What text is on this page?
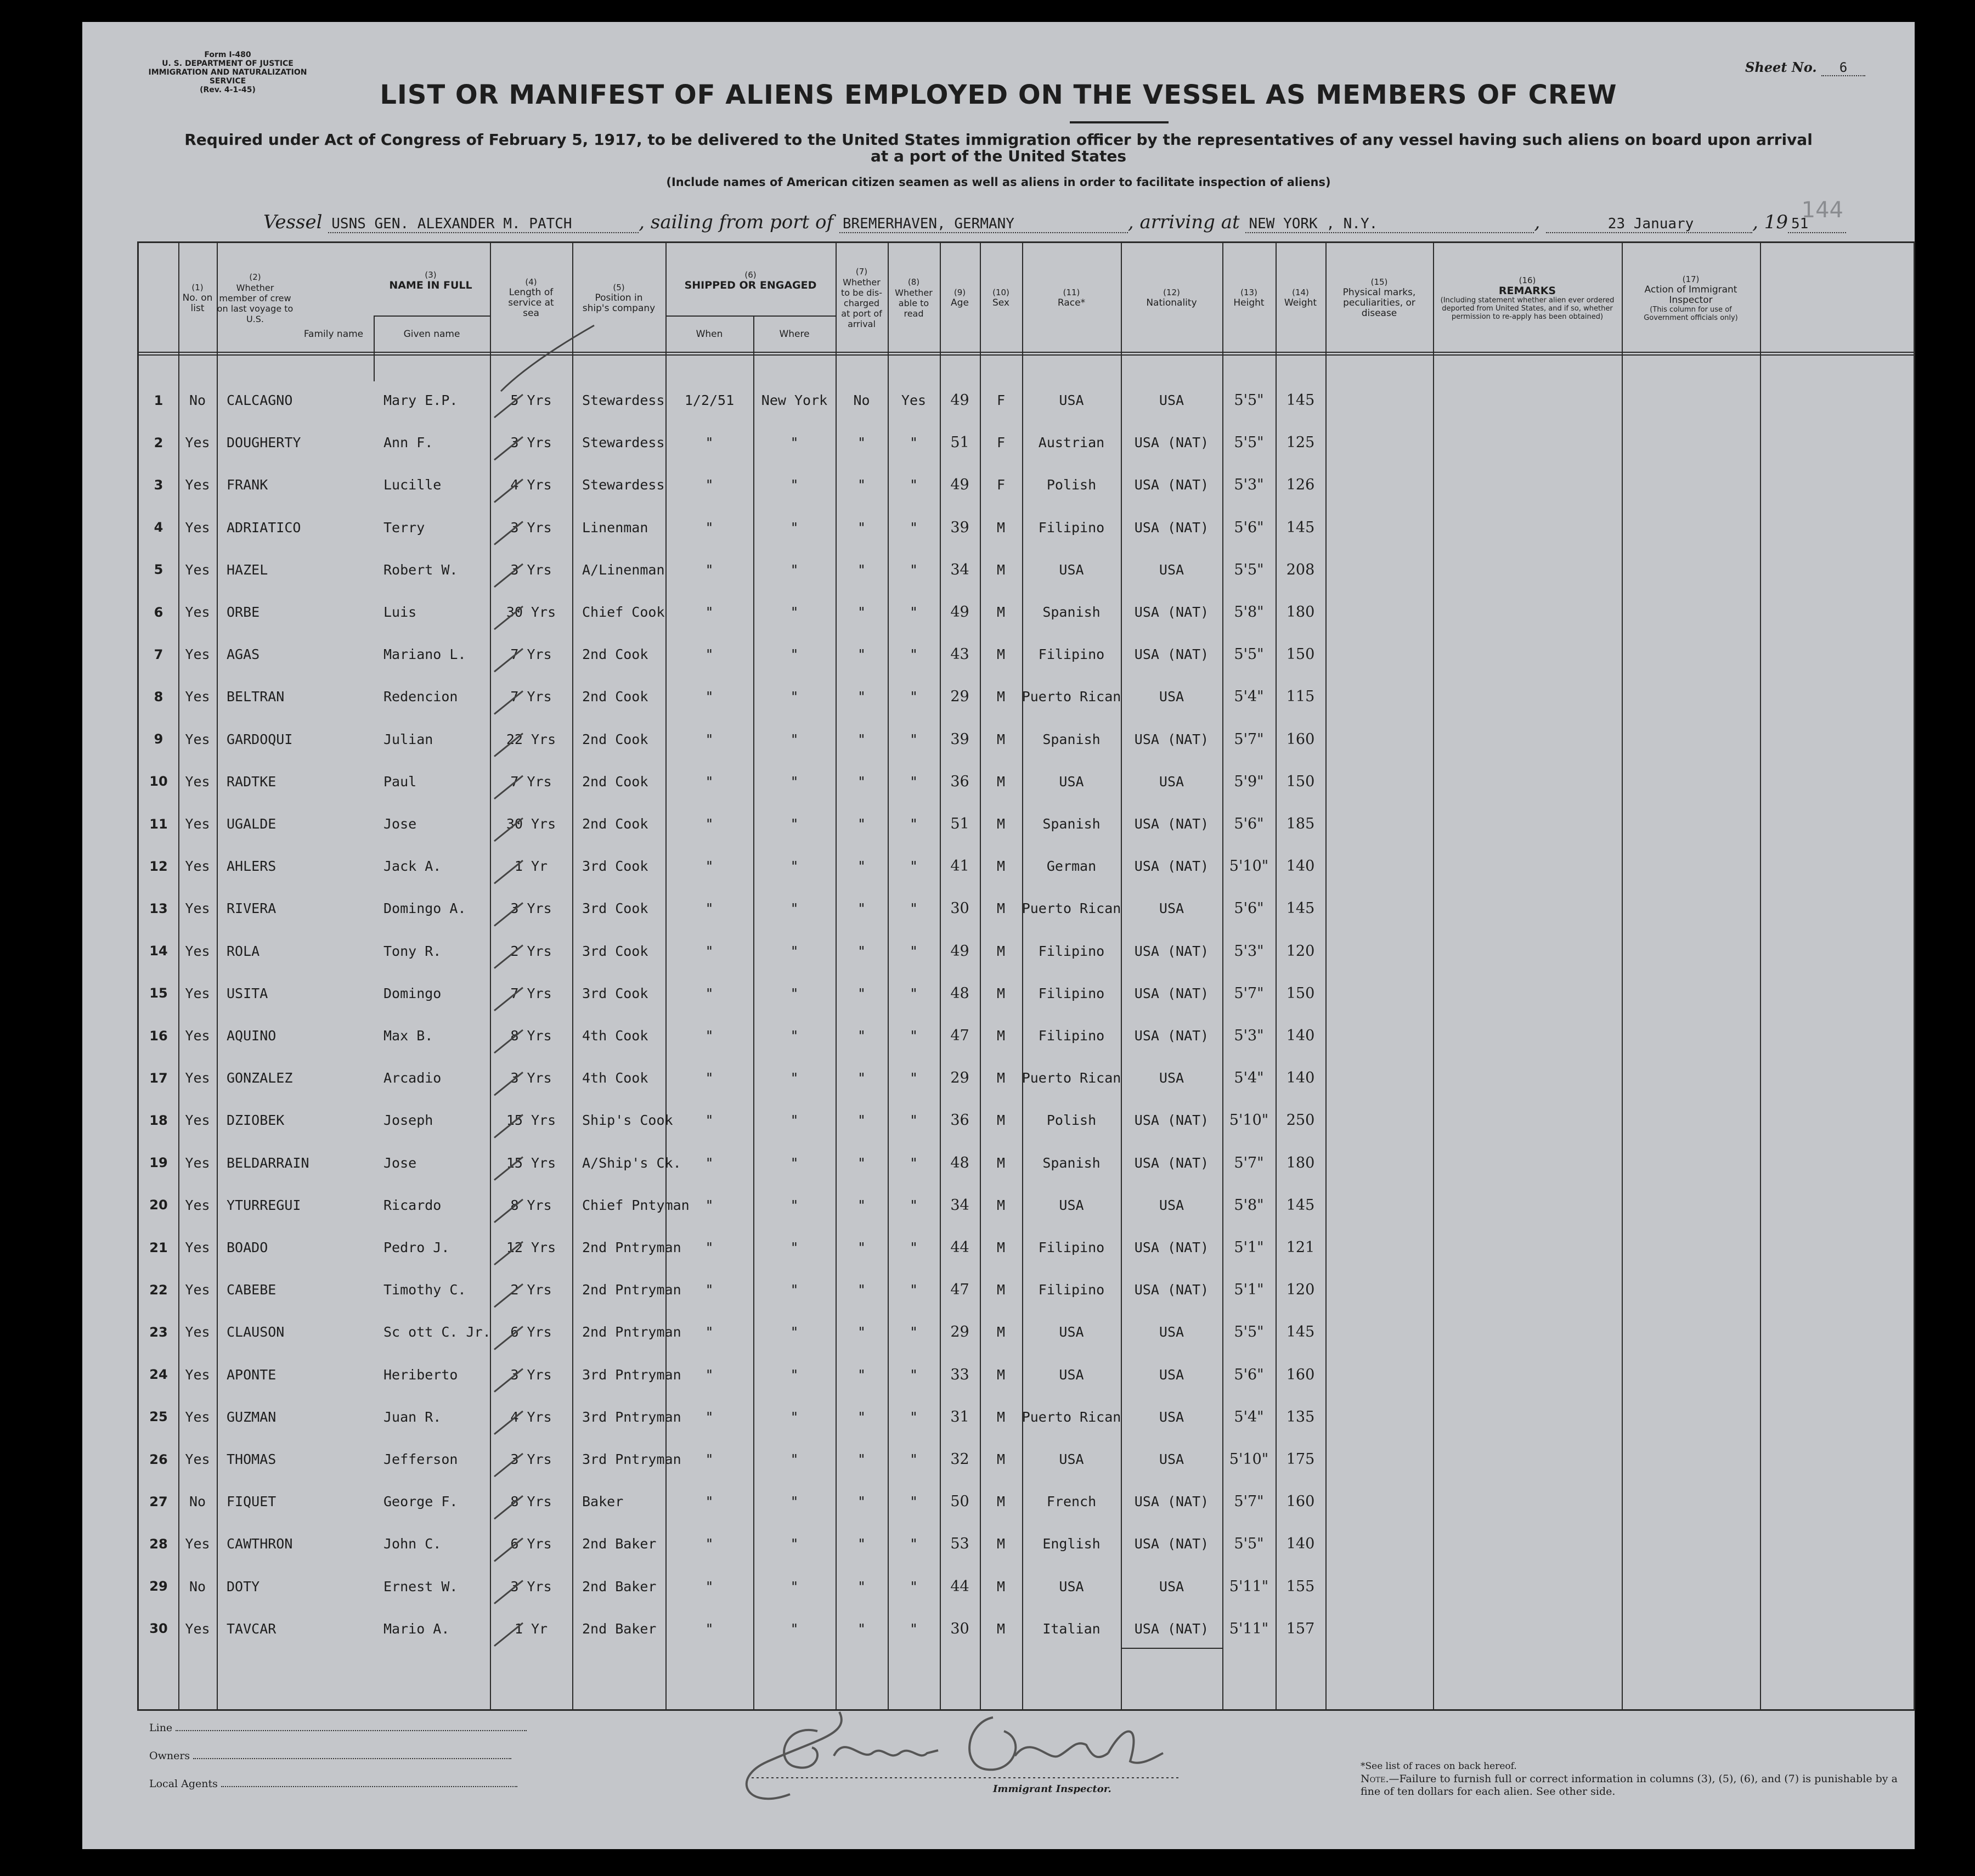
Form I-480
U. S. DEPARTMENT OF JUSTICE
IMMIGRATION AND NATURALIZATION SERVICE
(Rev. 4-1-45)
Sheet No. 6
LIST OR MANIFEST OF ALIENS EMPLOYED ON THE VESSEL AS MEMBERS OF CREW
Required under Act of Congress of February 5, 1917, to be delivered to the United States immigration officer by the representatives of any vessel having such aliens on board upon arrival at a port of the United States
(Include names of American citizen seamen as well as aliens in order to facilitate inspection of aliens)
Vessel USNS GEN. ALEXANDER M. PATCH	, sailing from port of BREMERHAVEN, GERMANY	, arriving at NEW YORK , N.Y.	,	23 January	, 19 51
144
(1)
No. on list
(2)
Whether member of crew on last voyage to U.S.
(3)
NAME IN FULL
Family name	Given name
(4)
Length of service at sea
(5)
Position in ship's company
(6)
SHIPPED OR ENGAGED
When	Where
(7)
Whether to be dis- charged at port of arrival
(8)
Whether able to read
(9)
Age
(10)
Sex
(11)
Race*
(12)
Nationality
(13)
Height
(14)
Weight
(15)
Physical marks, peculiarities, or disease
(16)
REMARKS
(Including statement whether alien ever ordered deported from United States, and if so, whether permission to re-apply has been obtained)
(17)
Action of Immigrant Inspector
(This column for use of Government officials only)
1	No	CALCAGNO	Mary E.P.	5 Yrs	Stewardess	1/2/51	New York	No	Yes	49	F	USA	USA	5'5"	145
2	Yes	DOUGHERTY	Ann F.	3 Yrs	Stewardess	"	"	"	"	51	F	Austrian	USA (NAT)	5'5"	125
3	Yes	FRANK	Lucille	4 Yrs	Stewardess	"	"	"	"	49	F	Polish	USA (NAT)	5'3"	126
4	Yes	ADRIATICO	Terry	3 Yrs	Linenman	"	"	"	"	39	M	Filipino	USA (NAT)	5'6"	145
5	Yes	HAZEL	Robert W.	3 Yrs	A/Linenman	"	"	"	"	34	M	USA	USA	5'5"	208
6	Yes	ORBE	Luis	30 Yrs	Chief Cook	"	"	"	"	49	M	Spanish	USA (NAT)	5'8"	180
7	Yes	AGAS	Mariano L.	7 Yrs	2nd Cook	"	"	"	"	43	M	Filipino	USA (NAT)	5'5"	150
8	Yes	BELTRAN	Redencion	7 Yrs	2nd Cook	"	"	"	"	29	M	Puerto Rican	USA	5'4"	115
9	Yes	GARDOQUI	Julian	22 Yrs	2nd Cook	"	"	"	"	39	M	Spanish	USA (NAT)	5'7"	160
10	Yes	RADTKE	Paul	7 Yrs	2nd Cook	"	"	"	"	36	M	USA	USA	5'9"	150
11	Yes	UGALDE	Jose	30 Yrs	2nd Cook	"	"	"	"	51	M	Spanish	USA (NAT)	5'6"	185
12	Yes	AHLERS	Jack A.	1 Yr	3rd Cook	"	"	"	"	41	M	German	USA (NAT)	5'10"	140
13	Yes	RIVERA	Domingo A.	3 Yrs	3rd Cook	"	"	"	"	30	M	Puerto Rican	USA	5'6"	145
14	Yes	ROLA	Tony R.	2 Yrs	3rd Cook	"	"	"	"	49	M	Filipino	USA (NAT)	5'3"	120
15	Yes	USITA	Domingo	7 Yrs	3rd Cook	"	"	"	"	48	M	Filipino	USA (NAT)	5'7"	150
16	Yes	AQUINO	Max B.	8 Yrs	4th Cook	"	"	"	"	47	M	Filipino	USA (NAT)	5'3"	140
17	Yes	GONZALEZ	Arcadio	3 Yrs	4th Cook	"	"	"	"	29	M	Puerto Rican	USA	5'4"	140
18	Yes	DZIOBEK	Joseph	15 Yrs	Ship's Cook	"	"	"	"	36	M	Polish	USA (NAT)	5'10"	250
19	Yes	BELDARRAIN	Jose	15 Yrs	A/Ship's Ck.	"	"	"	"	48	M	Spanish	USA (NAT)	5'7"	180
20	Yes	YTURREGUI	Ricardo	8 Yrs	Chief Pntyman	"	"	"	"	34	M	USA	USA	5'8"	145
21	Yes	BOADO	Pedro J.	12 Yrs	2nd Pntryman	"	"	"	"	44	M	Filipino	USA (NAT)	5'1"	121
22	Yes	CABEBE	Timothy C.	2 Yrs	2nd Pntryman	"	"	"	"	47	M	Filipino	USA (NAT)	5'1"	120
23	Yes	CLAUSON	Sc ott C. Jr.	6 Yrs	2nd Pntryman	"	"	"	"	29	M	USA	USA	5'5"	145
24	Yes	APONTE	Heriberto	3 Yrs	3rd Pntryman	"	"	"	"	33	M	USA	USA	5'6"	160
25	Yes	GUZMAN	Juan R.	4 Yrs	3rd Pntryman	"	"	"	"	31	M	Puerto Rican	USA	5'4"	135
26	Yes	THOMAS	Jefferson	3 Yrs	3rd Pntryman	"	"	"	"	32	M	USA	USA	5'10"	175
27	No	FIQUET	George F.	8 Yrs	Baker	"	"	"	"	50	M	French	USA (NAT)	5'7"	160
28	Yes	CAWTHRON	John C.	6 Yrs	2nd Baker	"	"	"	"	53	M	English	USA (NAT)	5'5"	140
29	No	DOTY	Ernest W.	3 Yrs	2nd Baker	"	"	"	"	44	M	USA	USA	5'11"	155
30	Yes	TAVCAR	Mario A.	1 Yr	2nd Baker	"	"	"	"	30	M	Italian	USA (NAT)	5'11"	157
Line
Owners
Local Agents	Immigrant Inspector.
*See list of races on back hereof.
Note.—Failure to furnish full or correct information in columns (3), (5), (6), and (7) is punishable by a fine of ten dollars for each alien. See other side.
